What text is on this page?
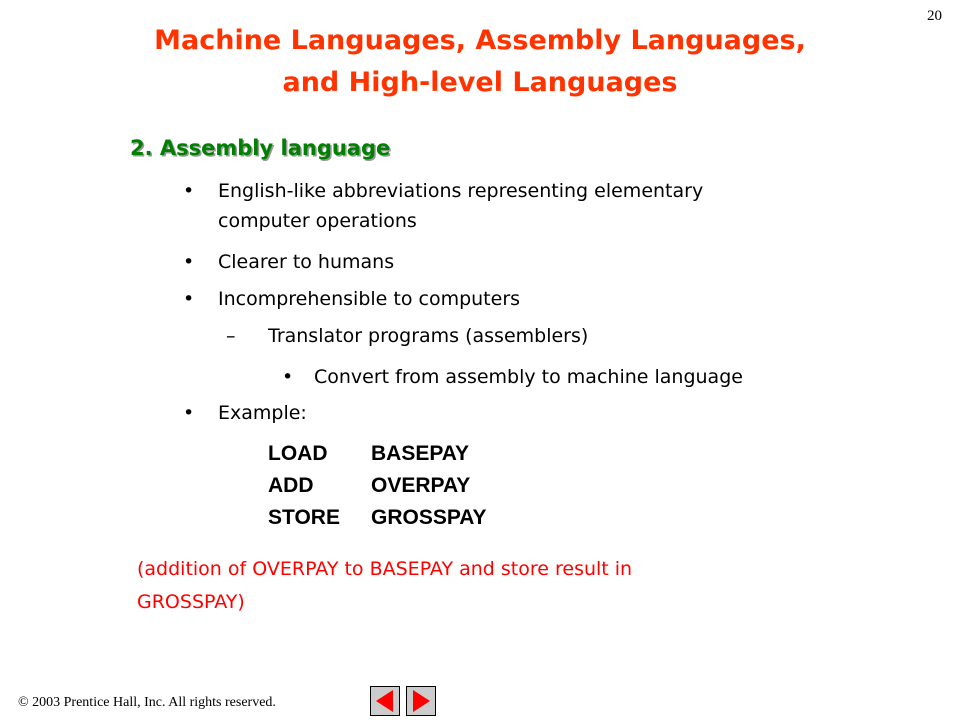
20
Machine Languages, Assembly Languages,
and High-level Languages
2. Assembly language
•	English-like abbreviations representing elementary
computer operations
•	Clearer to humans
•	Incomprehensible to computers
–	Translator programs (assemblers)
•	Convert from assembly to machine language
•	Example:
LOAD	BASEPAY
ADD	OVERPAY
STORE	GROSSPAY
(addition of OVERPAY to BASEPAY and store result in
GROSSPAY)
© 2003 Prentice Hall, Inc. All rights reserved.
